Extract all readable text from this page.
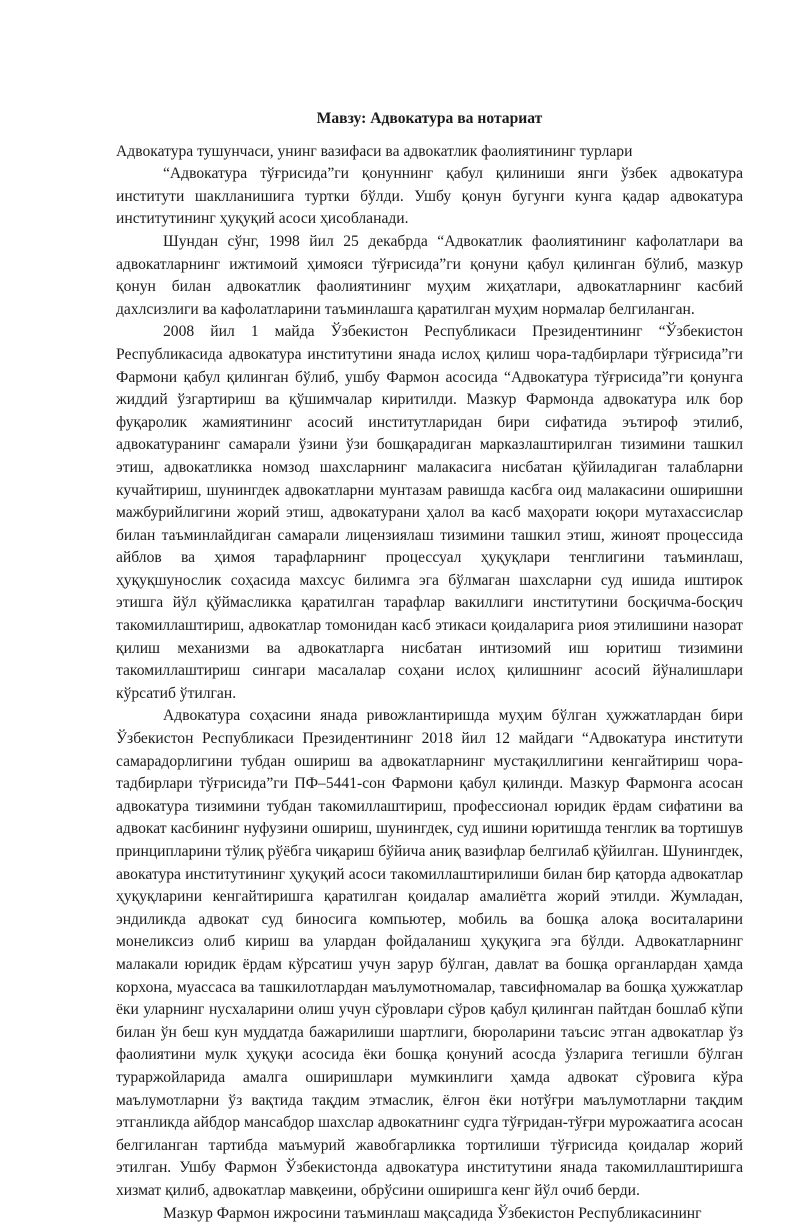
Мавзу: Адвокатура ва нотариат

Адвокатура тушунчаси, унинг вазифаси ва адвокатлик фаолиятининг турлари

“Адвокатура тўғрисида”ги қонуннинг қабул қилиниши янги ўзбек адвокатура институти шаклланишига туртки бўлди. Ушбу қонун бугунги кунга қадар адвокатура институтининг ҳуқуқий асоси ҳисобланади.

Шундан сўнг, 1998 йил 25 декабрда “Адвокатлик фаолиятининг кафолатлари ва адвокатларнинг ижтимоий ҳимояси тўғрисида”ги қонуни қабул қилинган бўлиб, мазкур қонун билан адвокатлик фаолиятининг муҳим жиҳатлари, адвокатларнинг касбий дахлсизлиги ва кафолатларини таъминлашга қаратилган муҳим нормалар белгиланган.

2008 йил 1 майда Ўзбекистон Республикаси Президентининг “Ўзбекистон Республикасида адвокатура институтини янада ислоҳ қилиш чора-тадбирлари тўғрисида”ги Фармони қабул қилинган бўлиб, ушбу Фармон асосида “Адвокатура тўғрисида”ги қонунга жиддий ўзгартириш ва қўшимчалар киритилди. Мазкур Фармонда адвокатура илк бор фуқаролик жамиятининг асосий институтларидан бири сифатида эътироф этилиб, адвокатуранинг самарали ўзини ўзи бошқарадиган марказлаштирилган тизимини ташкил этиш, адвокатликка номзод шахсларнинг малакасига нисбатан қўйиладиган талабларни кучайтириш, шунингдек адвокатларни мунтазам равишда касбга оид малакасини оширишни мажбурийлигини жорий этиш, адвокатурани ҳалол ва касб маҳорати юқори мутахассислар билан таъминлайдиган самарали лицензиялаш тизимини ташкил этиш, жиноят процессида айблов ва ҳимоя тарафларнинг процессуал ҳуқуқлари тенглигини таъминлаш, ҳуқуқшунослик соҳасида махсус билимга эга бўлмаган шахсларни суд ишида иштирок этишга йўл қўймасликка қаратилган тарафлар вакиллиги институтини босқичма-босқич такомиллаштириш, адвокатлар томонидан касб этикаси қоидаларига риоя этилишини назорат қилиш механизми ва адвокатларга нисбатан интизомий иш юритиш тизимини такомиллаштириш сингари масалалар соҳани ислоҳ қилишнинг асосий йўналишлари кўрсатиб ўтилган.

Адвокатура соҳасини янада ривожлантиришда муҳим бўлган ҳужжатлардан бири Ўзбекистон Республикаси Президентининг 2018 йил 12 майдаги “Адвокатура институти самарадорлигини тубдан ошириш ва адвокатларнинг мустақиллигини кенгайтириш чора-тадбирлари тўғрисида”ги ПФ–5441-сон Фармони қабул қилинди. Мазкур Фармонга асосан адвокатура тизимини тубдан такомиллаштириш, профессионал юридик ёрдам сифатини ва адвокат касбининг нуфузини ошириш, шунингдек, суд ишини юритишда тенглик ва тортишув принципларини тўлиқ рўёбга чиқариш бўйича аниқ вазифлар белгилаб қўйилган. Шунингдек, авокатура институтининг ҳуқуқий асоси такомиллаштирилиши билан бир қаторда адвокатлар ҳуқуқларини кенгайтиришга қаратилган қоидалар амалиётга жорий этилди. Жумладан, эндиликда адвокат суд биносига компьютер, мобиль ва бошқа алоқа воситаларини монеликсиз олиб кириш ва улардан фойдаланиш ҳуқуқига эга бўлди. Адвокатларнинг малакали юридик ёрдам кўрсатиш учун зарур бўлган, давлат ва бошқа органлардан ҳамда корхона, муассаса ва ташкилотлардан маълумотномалар, тавсифномалар ва бошқа ҳужжатлар ёки уларнинг нусхаларини олиш учун сўровлари сўров қабул қилинган пайтдан бошлаб кўпи билан ўн беш кун муддатда бажарилиши шартлиги, бюроларини таъсис этган адвокатлар ўз фаолиятини мулк ҳуқуқи асосида ёки бошқа қонуний асосда ўзларига тегишли бўлган тураржойларида амалга оширишлари мумкинлиги ҳамда адвокат сўровига кўра маълумотларни ўз вақтида тақдим этмаслик, ёлғон ёки нотўғри маълумотларни тақдим этганликда айбдор мансабдор шахслар адвокатнинг судга тўғридан-тўғри мурожаатига асосан белгиланган тартибда маъмурий жавобгарликка тортилиши тўғрисида қоидалар жорий этилган. Ушбу Фармон Ўзбекистонда адвокатура институтини янада такомиллаштиришга хизмат қилиб, адвокатлар мавқеини, обрўсини оширишга кенг йўл очиб берди.

Мазкур Фармон ижросини таъминлаш мақсадида Ўзбекистон Республикасининг
